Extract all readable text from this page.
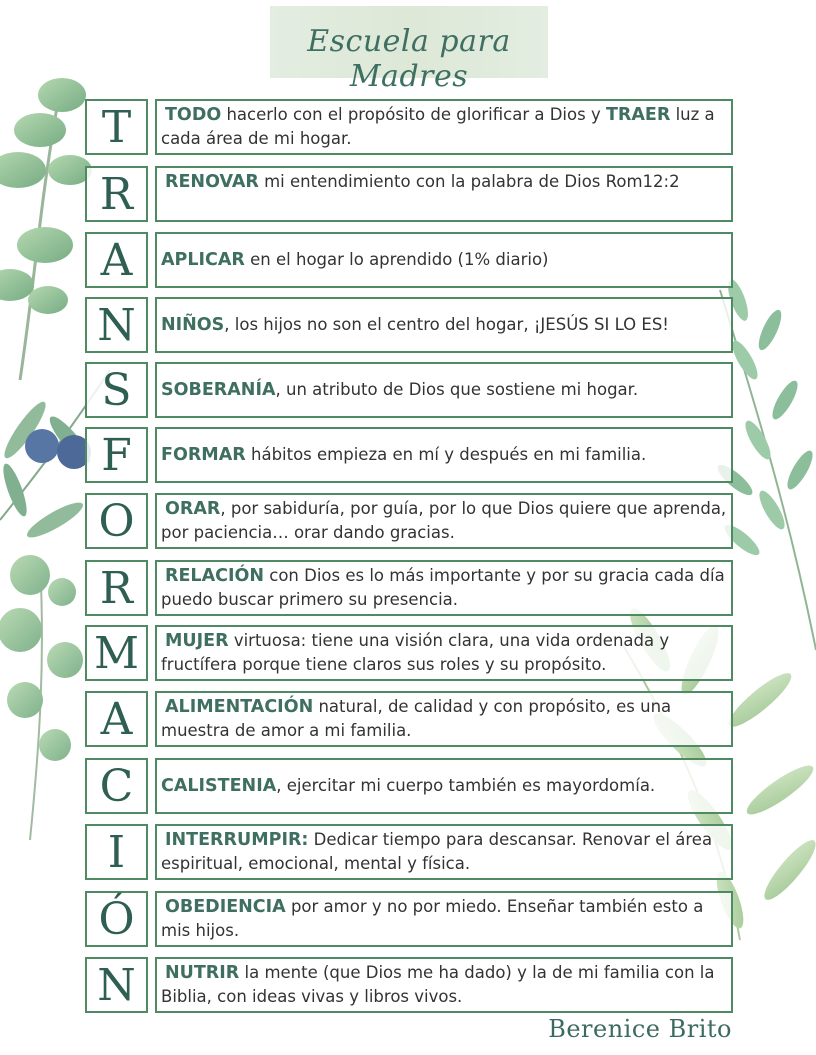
Escuela para Madres
T	TODO hacerlo con el propósito de glorificar a Dios y TRAER luz a cada área de mi hogar.
R	RENOVAR mi entendimiento con la palabra de Dios Rom12:2
A	APLICAR en el hogar lo aprendido (1% diario)
N	NIÑOS, los hijos no son el centro del hogar, ¡JESÚS SI LO ES!
S	SOBERANÍA, un atributo de Dios que sostiene mi hogar.
F	FORMAR hábitos empieza en mí y después en mi familia.
O	ORAR, por sabiduría, por guía, por lo que Dios quiere que aprenda, por paciencia… orar dando gracias.
R	RELACIÓN con Dios es lo más importante y por su gracia cada día puedo buscar primero su presencia.
M	MUJER virtuosa: tiene una visión clara, una vida ordenada y fructífera porque tiene claros sus roles y su propósito.
A	ALIMENTACIÓN natural, de calidad y con propósito, es una muestra de amor a mi familia.
C	CALISTENIA, ejercitar mi cuerpo también es mayordomía.
I	INTERRUMPIR: Dedicar tiempo para descansar. Renovar el área espiritual, emocional, mental y física.
Ó	OBEDIENCIA por amor y no por miedo. Enseñar también esto a mis hijos.
N	NUTRIR la mente (que Dios me ha dado) y la de mi familia con la Biblia, con ideas vivas y libros vivos.
Berenice Brito
